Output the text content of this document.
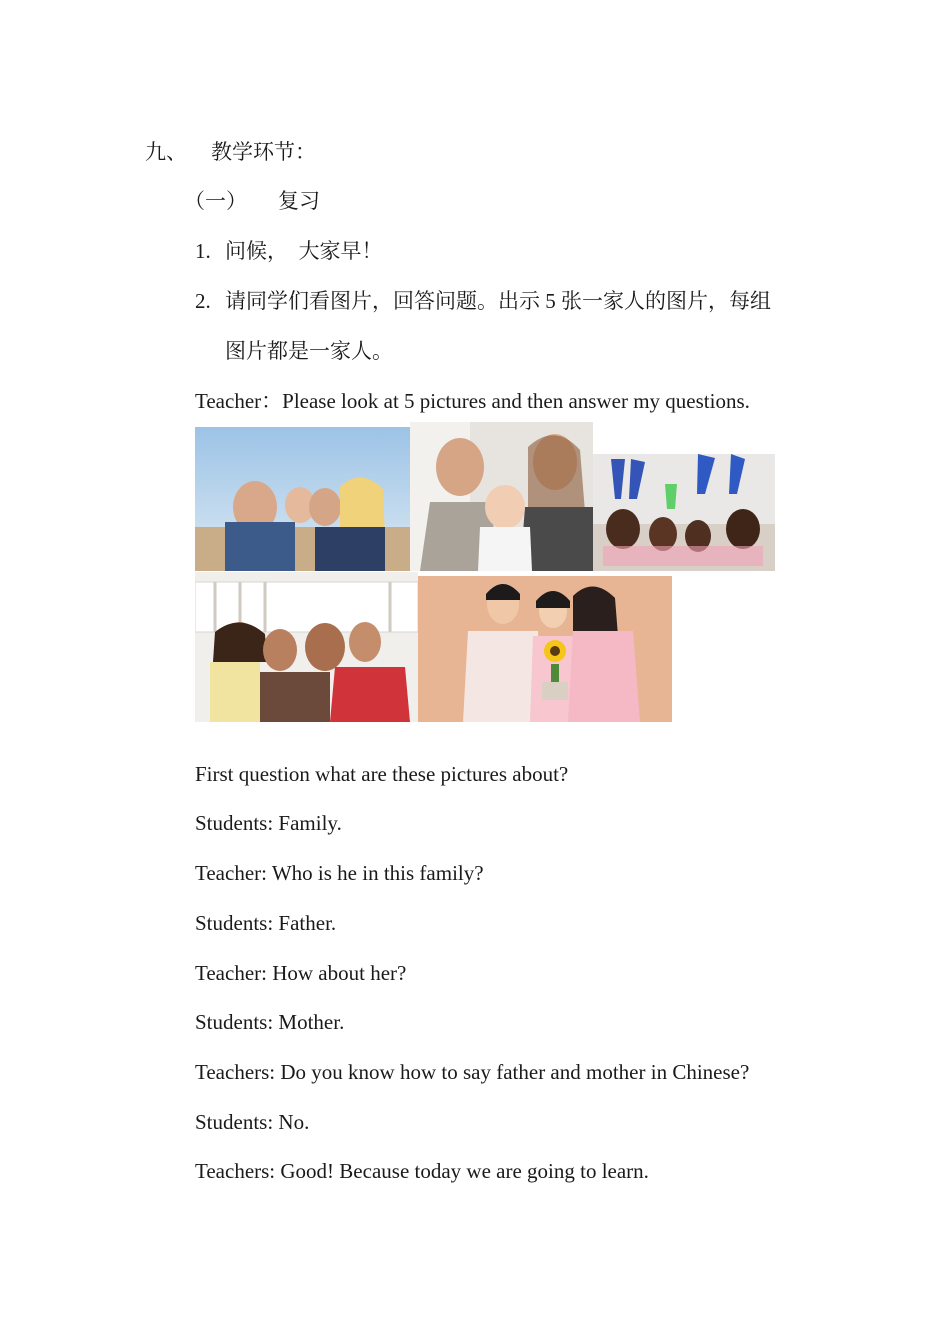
九、 教学环节：
（一） 复习
1. 问候，  大家早！
2. 请同学们看图片，回答问题。出示 5 张一家人的图片，每组
图片都是一家人。
Teacher：Please look at 5 pictures and then answer my questions.
First question what are these pictures about?
Students: Family.
Teacher: Who is he in this family?
Students: Father.
Teacher: How about her?
Students: Mother.
Teachers: Do you know how to say father and mother in Chinese?
Students: No.
Teachers: Good! Because today we are going to learn.
